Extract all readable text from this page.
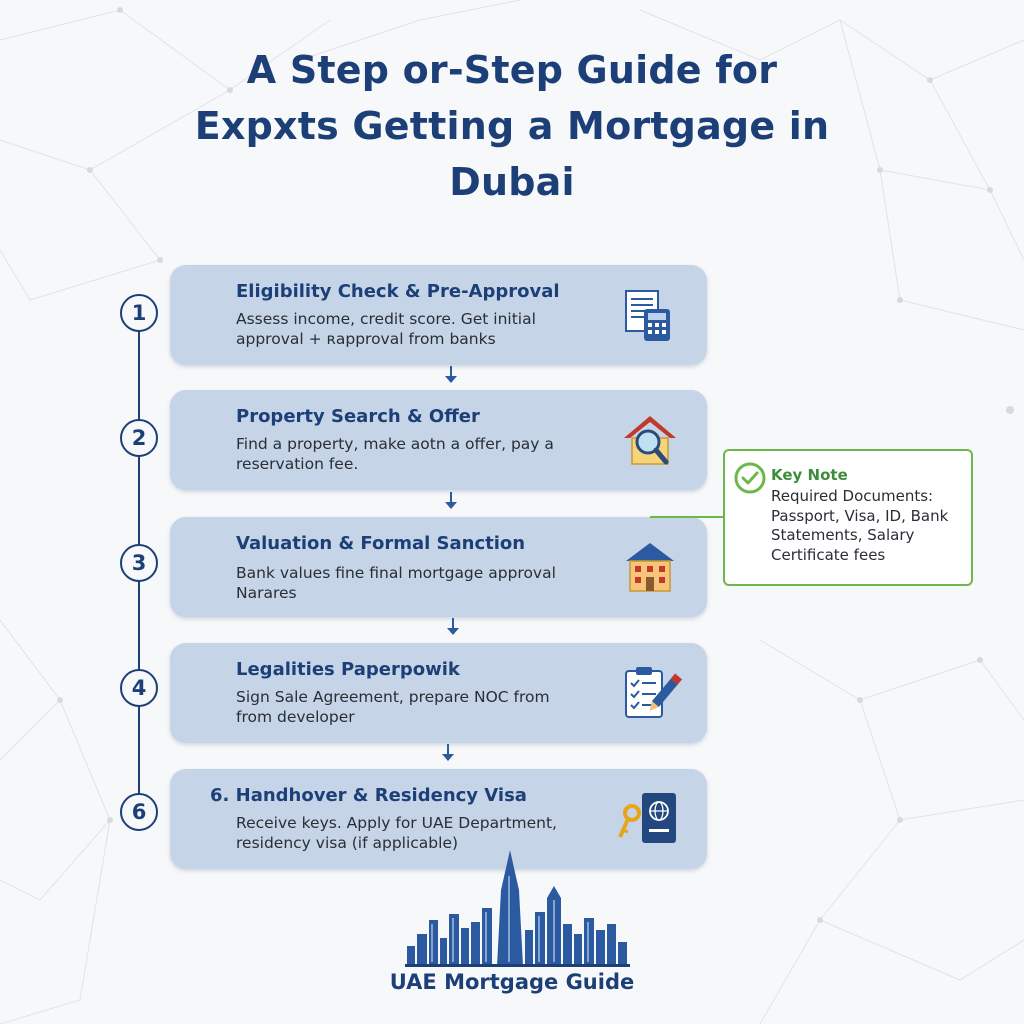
A Step or-Step Guide for
Expxts Getting a Mortgage in
Dubai
1
2
3
4
6
Eligibility Check & Pre-Approval
Assess income, credit score. Get initial
approval + ʀapproval from banks
Property Search & Offer
Find a property, make aotn a offer, pay a
reservation fee.
Valuation & Formal Sanction
Bank values fine final mortgage approval
Narares
Legalities Paperpowik
Sign Sale Agreement, prepare NOC from
from developer
6. Handhover & Residency Visa
Receive keys. Apply for UAE Department,
residency visa (if applicable)
Key Note
Required Documents:
Passport, Visa, ID, Bank
Statements, Salary
Certificate fees
UAE Mortgage Guide
